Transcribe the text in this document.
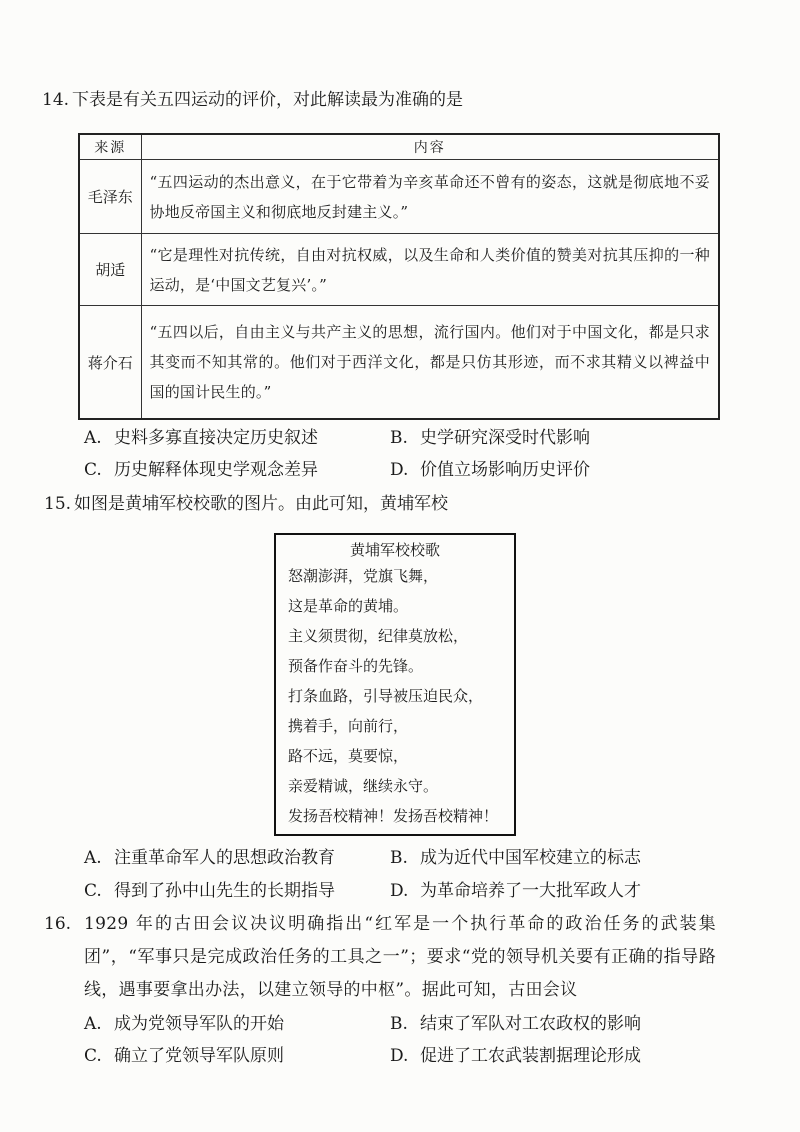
14. 下表是有关五四运动的评价，对此解读最为准确的是
来源	内容
毛泽东	“五四运动的杰出意义，在于它带着为辛亥革命还不曾有的姿态，这就是彻底地不妥协地反帝国主义和彻底地反封建主义。”
胡适	“它是理性对抗传统，自由对抗权威，以及生命和人类价值的赞美对抗其压抑的一种运动，是‘中国文艺复兴’。”
蒋介石	“五四以后，自由主义与共产主义的思想，流行国内。他们对于中国文化，都是只求其变而不知其常的。他们对于西洋文化，都是只仿其形迹，而不求其精义以裨益中国的国计民生的。”
A. 史料多寡直接决定历史叙述	B. 史学研究深受时代影响
C. 历史解释体现史学观念差异	D. 价值立场影响历史评价
15. 如图是黄埔军校校歌的图片。由此可知，黄埔军校
黄埔军校校歌
怒潮澎湃，党旗飞舞，
这是革命的黄埔。
主义须贯彻，纪律莫放松，
预备作奋斗的先锋。
打条血路，引导被压迫民众，
携着手，向前行，
路不远，莫要惊，
亲爱精诚，继续永守。
发扬吾校精神！发扬吾校精神！
A. 注重革命军人的思想政治教育	B. 成为近代中国军校建立的标志
C. 得到了孙中山先生的长期指导	D. 为革命培养了一大批军政人才
16. 1929 年的古田会议决议明确指出“红军是一个执行革命的政治任务的武装集团”，“军事只是完成政治任务的工具之一”；要求“党的领导机关要有正确的指导路线，遇事要拿出办法，以建立领导的中枢”。据此可知，古田会议
A. 成为党领导军队的开始	B. 结束了军队对工农政权的影响
C. 确立了党领导军队原则	D. 促进了工农武装割据理论形成
